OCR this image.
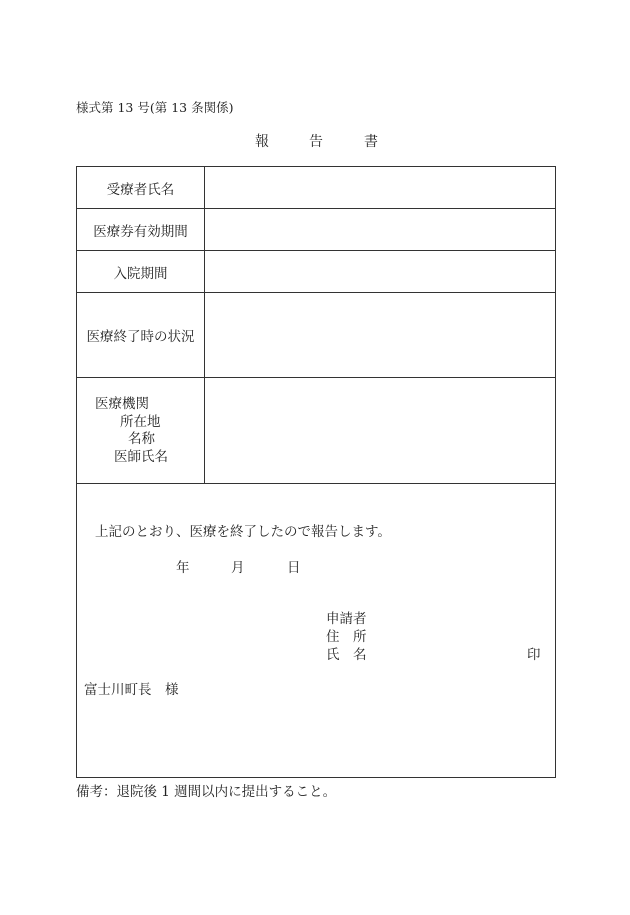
様式第 13 号(第 13 条関係)
報	告	書
受療者氏名
医療券有効期間
入院期間
医療終了時の状況
医療機関
所在地
名称
医師氏名
上記のとおり、医療を終了したので報告します。
年	月	日
申請者
住　所
氏　名	印
富士川町長　様
備考：退院後 1 週間以内に提出すること。
